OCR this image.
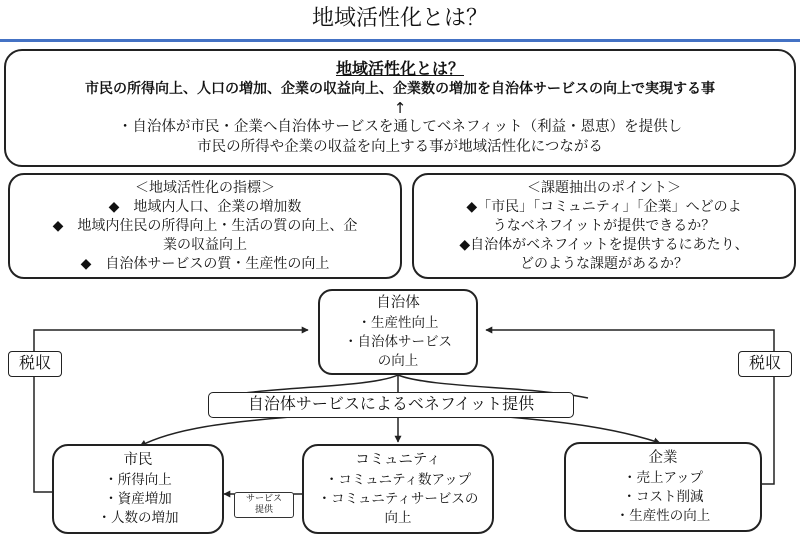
地域活性化とは？
地域活性化とは？
市民の所得向上、人口の増加、企業の収益向上、企業数の増加を自治体サービスの向上で実現する事
↑
・自治体が市民・企業へ自治体サービスを通してベネフィット（利益・恩恵）を提供し
市民の所得や企業の収益を向上する事が地域活性化につながる
＜地域活性化の指標＞
◆　地域内人口、企業の増加数
◆　地域内住民の所得向上・生活の質の向上、企
業の収益向上
◆　自治体サービスの質・生産性の向上
＜課題抽出のポイント＞
◆「市民」「コミュニティ」「企業」へどのよ
うなベネフイットが提供できるか？
◆自治体がベネフイットを提供するにあたり、
どのような課題があるか？
自治体
・生産性向上
・自治体サービス
の向上
税収	税収
自治体サービスによるベネフイット提供
市民
・所得向上
・資産増加
・人数の増加
サービス
提供
コミュニティ
・コミュニティ数アップ
・コミュニティサービスの
向上
企業
・売上アップ
・コスト削減
・生産性の向上
